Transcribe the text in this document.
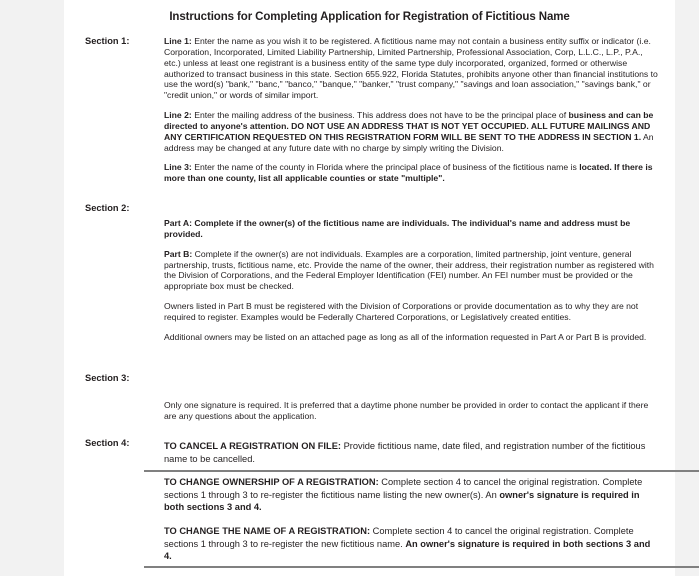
Instructions for Completing Application for Registration of Fictitious Name
Section 1:	Line 1: Enter the name as you wish it to be registered. A fictitious name may not contain a business entity suffix or indicator (i.e. Corporation, Incorporated, Limited Liability Partnership, Limited Partnership, Professional Association, Corp, L.L.C., L.P., P.A., etc.) unless at least one registrant is a business entity of the same type duly incorporated, organized, formed or otherwise authorized to transact business in this state. Section 655.922, Florida Statutes, prohibits anyone other than financial institutions to use the word(s) "bank," "banc," "banco," "banque," "banker," "trust company," "savings and loan association," "savings bank," or "credit union," or words of similar import.

Line 2: Enter the mailing address of the business. This address does not have to be the principal place of business and can be directed to anyone's attention. DO NOT USE AN ADDRESS THAT IS NOT YET OCCUPIED. ALL FUTURE MAILINGS AND ANY CERTIFICATION REQUESTED ON THIS REGISTRATION FORM WILL BE SENT TO THE ADDRESS IN SECTION 1. An address may be changed at any future date with no charge by simply writing the Division.

Line 3: Enter the name of the county in Florida where the principal place of business of the fictitious name is located. If there is more than one county, list all applicable counties or state "multiple".

Section 2:

Part A: Complete if the owner(s) of the fictitious name are individuals. The individual's name and address must be provided.

Part B: Complete if the owner(s) are not individuals. Examples are a corporation, limited partnership, joint venture, general partnership, trusts, fictitious name, etc. Provide the name of the owner, their address, their registration number as registered with the Division of Corporations, and the Federal Employer Identification (FEI) number. An FEI number must be provided or the appropriate box must be checked.

Owners listed in Part B must be registered with the Division of Corporations or provide documentation as to why they are not required to register. Examples would be Federally Chartered Corporations, or Legislatively created entities.

Additional owners may be listed on an attached page as long as all of the information requested in Part A or Part B is provided.

Section 3:

Only one signature is required. It is preferred that a daytime phone number be provided in order to contact the applicant if there are any questions about the application.

Section 4:	TO CANCEL A REGISTRATION ON FILE: Provide fictitious name, date filed, and registration number of the fictitious name to be cancelled.

TO CHANGE OWNERSHIP OF A REGISTRATION: Complete section 4 to cancel the original registration. Complete sections 1 through 3 to re-register the fictitious name listing the new owner(s). An owner's signature is required in both sections 3 and 4.

TO CHANGE THE NAME OF A REGISTRATION: Complete section 4 to cancel the original registration. Complete sections 1 through 3 to re-register the new fictitious name. An owner's signature is required in both sections 3 and 4.
